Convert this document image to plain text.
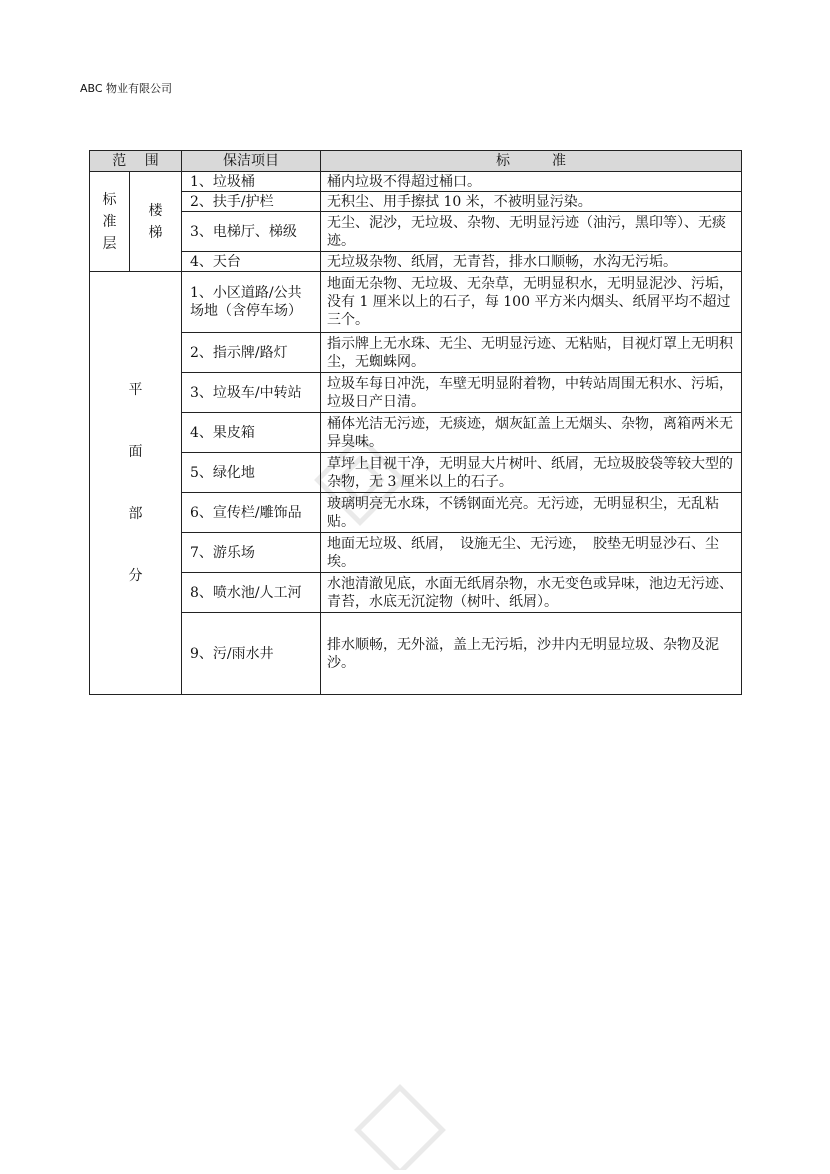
ABC 物业有限公司
范　 围		保洁项目	标　　　准
标准层	楼梯	1、垃圾桶	桶内垃圾不得超过桶口。
		2、扶手/护栏	无积尘、用手擦拭 10 米，不被明显污染。
		3、电梯厅、梯级	无尘、泥沙，无垃圾、杂物、无明显污迹（油污，黑印等）、无痰迹。
		4、天台	无垃圾杂物、纸屑，无青苔，排水口顺畅，水沟无污垢。
平面部分		1、小区道路/公共场地（含停车场）	地面无杂物、无垃圾、无杂草，无明显积水，无明显泥沙、污垢，没有 1 厘米以上的石子，每 100 平方米内烟头、纸屑平均不超过三个。
		2、指示牌/路灯	指示牌上无水珠、无尘、无明显污迹、无粘贴，目视灯罩上无明积尘，无蜘蛛网。
		3、垃圾车/中转站	垃圾车每日冲洗，车壁无明显附着物，中转站周围无积水、污垢，垃圾日产日清。
		4、果皮箱	桶体光洁无污迹，无痰迹，烟灰缸盖上无烟头、杂物，离箱两米无异臭味。
		5、绿化地	草坪上目视干净，无明显大片树叶、纸屑，无垃圾胶袋等较大型的杂物，无 3 厘米以上的石子。
		6、宣传栏/雕饰品	玻璃明亮无水珠，不锈钢面光亮。无污迹，无明显积尘，无乱粘贴。
		7、游乐场	地面无垃圾、纸屑，　设施无尘、无污迹，　胶垫无明显沙石、尘埃。
		8、喷水池/人工河	水池清澈见底，水面无纸屑杂物，水无变色或异味，池边无污迹、青苔，水底无沉淀物（树叶、纸屑）。
		9、污/雨水井	排水顺畅，无外溢，盖上无污垢，沙井内无明显垃圾、杂物及泥沙。
